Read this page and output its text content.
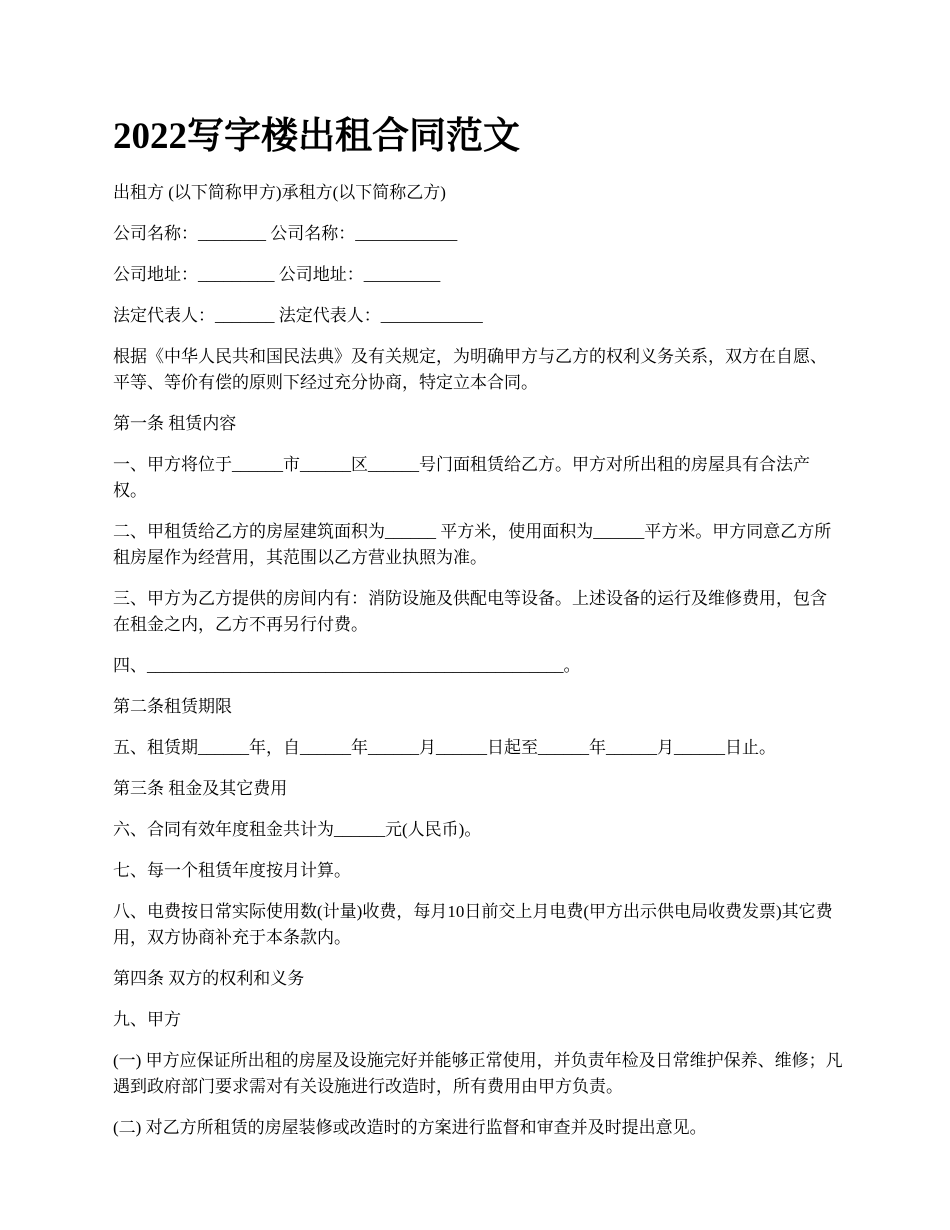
2022写字楼出租合同范文

出租方 (以下简称甲方)承租方(以下简称乙方)

公司名称：________ 公司名称：____________

公司地址：_________ 公司地址：_________

法定代表人：_______ 法定代表人：____________

根据《中华人民共和国民法典》及有关规定，为明确甲方与乙方的权利义务关系，双方在自愿、平等、等价有偿的原则下经过充分协商，特定立本合同。

第一条 租赁内容

一、甲方将位于______市______区______号门面租赁给乙方。甲方对所出租的房屋具有合法产权。

二、甲租赁给乙方的房屋建筑面积为______ 平方米，使用面积为______平方米。甲方同意乙方所租房屋作为经营用，其范围以乙方营业执照为准。

三、甲方为乙方提供的房间内有：消防设施及供配电等设备。上述设备的运行及维修费用，包含在租金之内，乙方不再另行付费。

四、_________________________________________________。

第二条租赁期限

五、租赁期______年，自______年______月______日起至______年______月______日止。

第三条 租金及其它费用

六、合同有效年度租金共计为______元(人民币)。

七、每一个租赁年度按月计算。

八、电费按日常实际使用数(计量)收费，每月10日前交上月电费(甲方出示供电局收费发票)其它费用，双方协商补充于本条款内。

第四条 双方的权利和义务

九、甲方

(一) 甲方应保证所出租的房屋及设施完好并能够正常使用，并负责年检及日常维护保养、维修；凡遇到政府部门要求需对有关设施进行改造时，所有费用由甲方负责。

(二) 对乙方所租赁的房屋装修或改造时的方案进行监督和审查并及时提出意见。
